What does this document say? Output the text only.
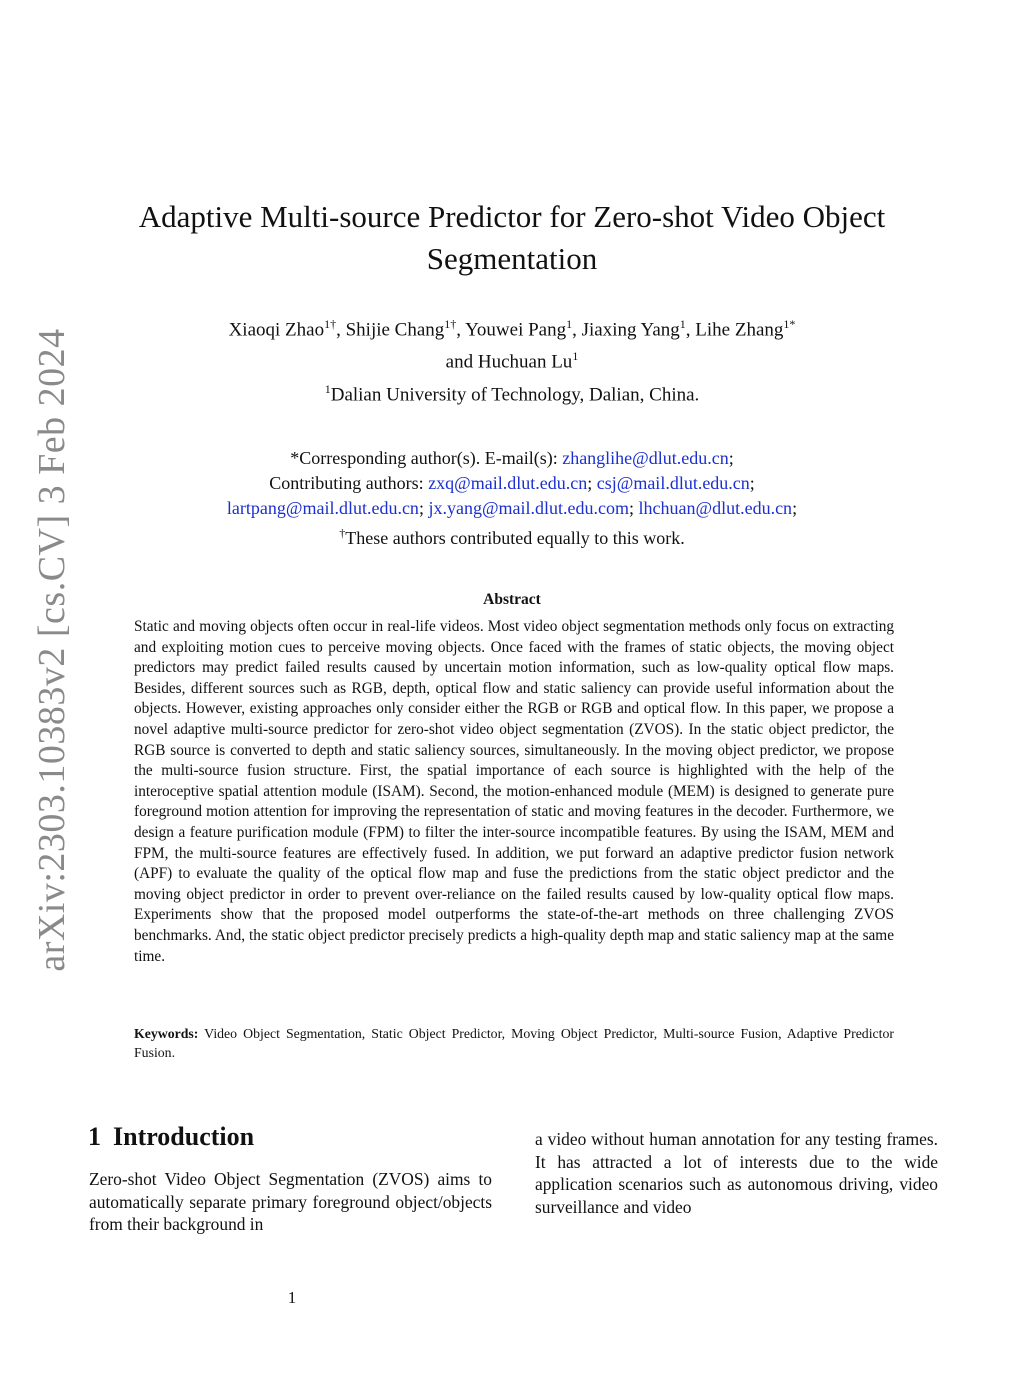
arXiv:2303.10383v2 [cs.CV] 3 Feb 2024
Adaptive Multi-source Predictor for Zero-shot Video Object
Segmentation
Xiaoqi Zhao$^{1\dagger}$, Shijie Chang$^{1\dagger}$, Youwei Pang$^1$, Jiaxing Yang$^1$, Lihe Zhang$^{1*}$
and Huchuan Lu$^1$
$^1$Dalian University of Technology, Dalian, China.
*Corresponding author(s). E-mail(s): zhanglihe@dlut.edu.cn;
Contributing authors: zxq@mail.dlut.edu.cn; csj@mail.dlut.edu.cn;
lartpang@mail.dlut.edu.cn; jx.yang@mail.dlut.edu.com; lhchuan@dlut.edu.cn;
†These authors contributed equally to this work.
Abstract

Static and moving objects often occur in real-life videos. Most video object segmentation methods only focus on extracting and exploiting motion cues to perceive moving objects. Once faced with the frames of static objects, the moving object predictors may predict failed results caused by uncertain motion information, such as low-quality optical flow maps. Besides, different sources such as RGB, depth, optical flow and static saliency can provide useful information about the objects. However, existing approaches only consider either the RGB or RGB and optical flow. In this paper, we propose a novel adaptive multi-source predictor for zero-shot video object segmentation (ZVOS). In the static object predictor, the RGB source is converted to depth and static saliency sources, simultaneously. In the moving object predictor, we propose the multi-source fusion structure. First, the spatial importance of each source is highlighted with the help of the interoceptive spatial attention module (ISAM). Second, the motion-enhanced module (MEM) is designed to generate pure foreground motion attention for improving the representation of static and moving features in the decoder. Furthermore, we design a feature purification module (FPM) to filter the inter-source incompatible features. By using the ISAM, MEM and FPM, the multi-source features are effectively fused. In addition, we put forward an adaptive predictor fusion network (APF) to evaluate the quality of the optical flow map and fuse the predictions from the static object predictor and the moving object predictor in order to prevent over-reliance on the failed results caused by low-quality optical flow maps. Experiments show that the proposed model outperforms the state-of-the-art methods on three challenging ZVOS benchmarks. And, the static object predictor precisely predicts a high-quality depth map and static saliency map at the same time.

Keywords: Video Object Segmentation, Static Object Predictor, Moving Object Predictor, Multi-source Fusion, Adaptive Predictor Fusion.

1 Introduction

Zero-shot Video Object Segmentation (ZVOS) aims to automatically separate primary foreground object/objects from their background in

a video without human annotation for any testing frames. It has attracted a lot of interests due to the wide application scenarios such as autonomous driving, video surveillance and video

1
